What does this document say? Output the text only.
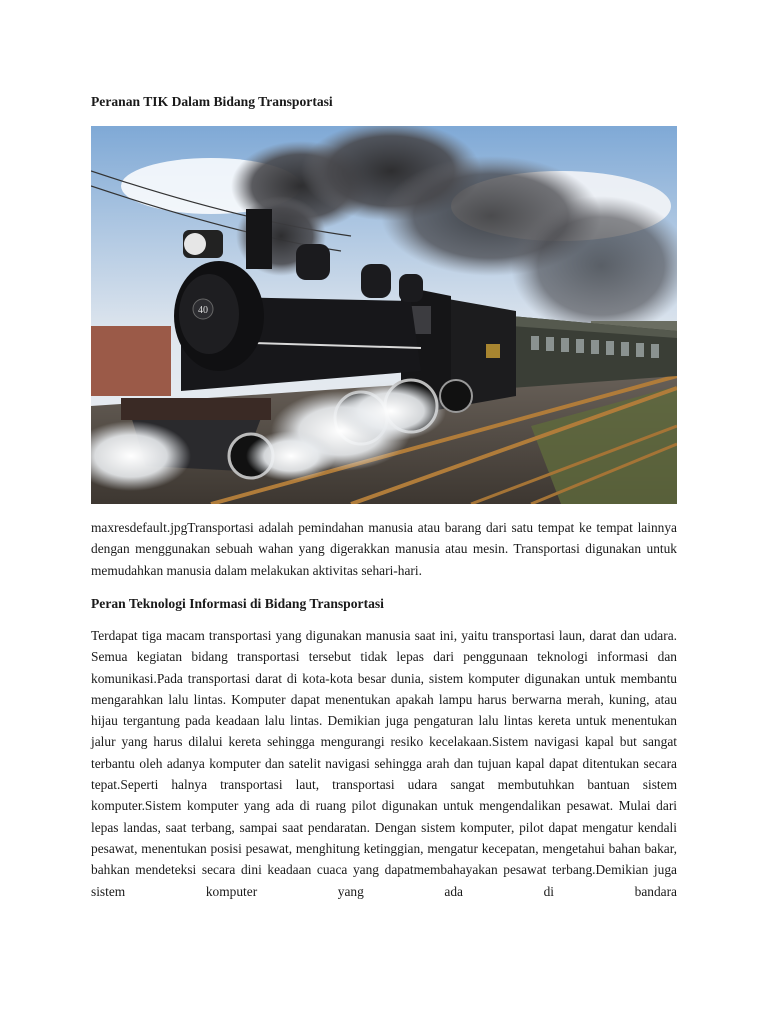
Peranan TIK Dalam Bidang Transportasi
40

maxresdefault.jpgTransportasi adalah pemindahan manusia atau barang dari satu tempat ke tempat lainnya dengan menggunakan sebuah wahan yang digerakkan manusia atau mesin. Transportasi digunakan untuk memudahkan manusia dalam melakukan aktivitas sehari-hari.

Peran Teknologi Informasi di Bidang Transportasi

Terdapat tiga macam transportasi yang digunakan manusia saat ini, yaitu transportasi laun, darat dan udara. Semua kegiatan bidang transportasi tersebut tidak lepas dari penggunaan teknologi informasi dan komunikasi.Pada transportasi darat di kota-kota besar dunia, sistem komputer digunakan untuk membantu mengarahkan lalu lintas. Komputer dapat menentukan apakah lampu harus berwarna merah, kuning, atau hijau tergantung pada keadaan lalu lintas. Demikian juga pengaturan lalu lintas kereta untuk menentukan jalur yang harus dilalui kereta sehingga mengurangi resiko kecelakaan.Sistem navigasi kapal but sangat terbantu oleh adanya komputer dan satelit navigasi sehingga arah dan tujuan kapal dapat ditentukan secara tepat.Seperti halnya transportasi laut, transportasi udara sangat membutuhkan bantuan sistem komputer.Sistem komputer yang ada di ruang pilot digunakan untuk mengendalikan pesawat. Mulai dari lepas landas, saat terbang, sampai saat pendaratan. Dengan sistem komputer, pilot dapat mengatur kendali pesawat, menentukan posisi pesawat, menghitung ketinggian, mengatur kecepatan, mengetahui bahan bakar, bahkan mendeteksi secara dini keadaan cuaca yang dapatmembahayakan pesawat terbang.Demikian juga sistem komputer yang ada di bandara
